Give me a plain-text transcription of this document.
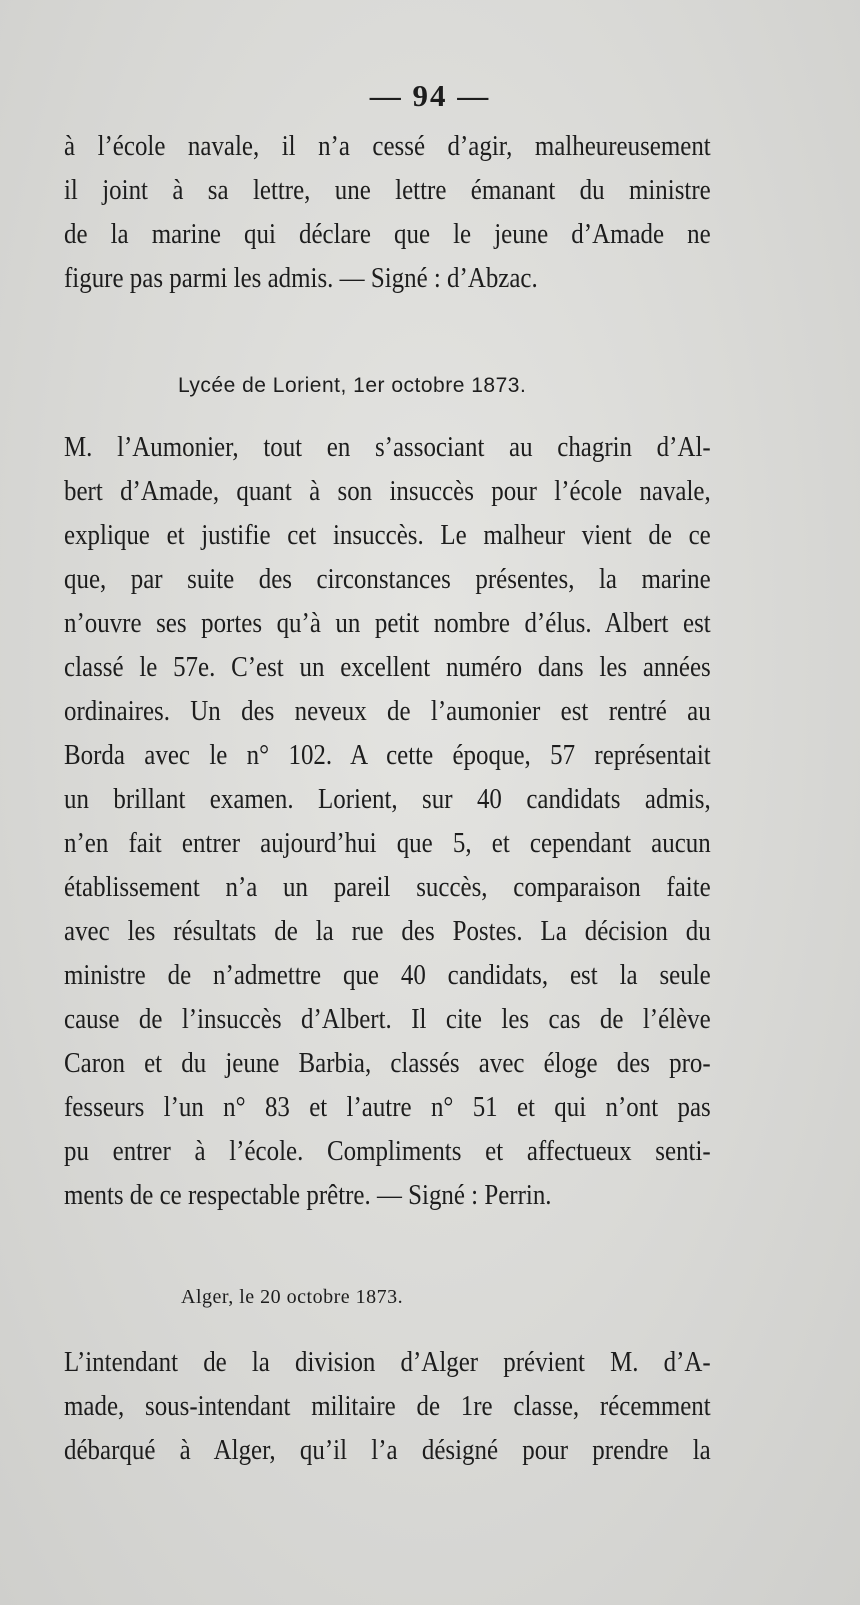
— 94 —
à l’école navale, il n’a cessé d’agir, malheureusement
il joint à sa lettre, une lettre émanant du ministre
de la marine qui déclare que le jeune d’Amade ne
figure pas parmi les admis. — Signé : d’Abzac.
Lycée de Lorient, 1er octobre 1873.
M. l’Aumonier, tout en s’associant au chagrin d’Al-
bert d’Amade, quant à son insuccès pour l’école navale,
explique et justifie cet insuccès. Le malheur vient de ce
que, par suite des circonstances présentes, la marine
n’ouvre ses portes qu’à un petit nombre d’élus. Albert est
classé le 57e. C’est un excellent numéro dans les années
ordinaires. Un des neveux de l’aumonier est rentré au
Borda avec le n° 102. A cette époque, 57 représentait
un brillant examen. Lorient, sur 40 candidats admis,
n’en fait entrer aujourd’hui que 5, et cependant aucun
établissement n’a un pareil succès, comparaison faite
avec les résultats de la rue des Postes. La décision du
ministre de n’admettre que 40 candidats, est la seule
cause de l’insuccès d’Albert. Il cite les cas de l’élève
Caron et du jeune Barbia, classés avec éloge des pro-
fesseurs l’un n° 83 et l’autre n° 51 et qui n’ont pas
pu entrer à l’école. Compliments et affectueux senti-
ments de ce respectable prêtre. — Signé : Perrin.
Alger, le 20 octobre 1873.
L’intendant de la division d’Alger prévient M. d’A-
made, sous-intendant militaire de 1re classe, récemment
débarqué à Alger, qu’il l’a désigné pour prendre la
